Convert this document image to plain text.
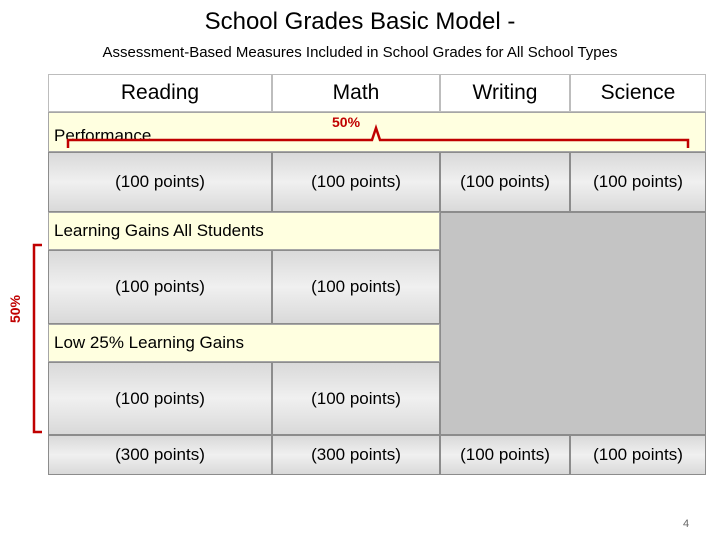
School Grades Basic Model -
Assessment-Based Measures Included in School Grades for All School Types
Reading	Math	Writing	Science
Performance
50%
(100 points)	(100 points)	(100 points)	(100 points)
Learning Gains All Students
(100 points)	(100 points)
Low 25% Learning Gains
(100 points)	(100 points)
(300 points)	(300 points)	(100 points)	(100 points)
50%
4
